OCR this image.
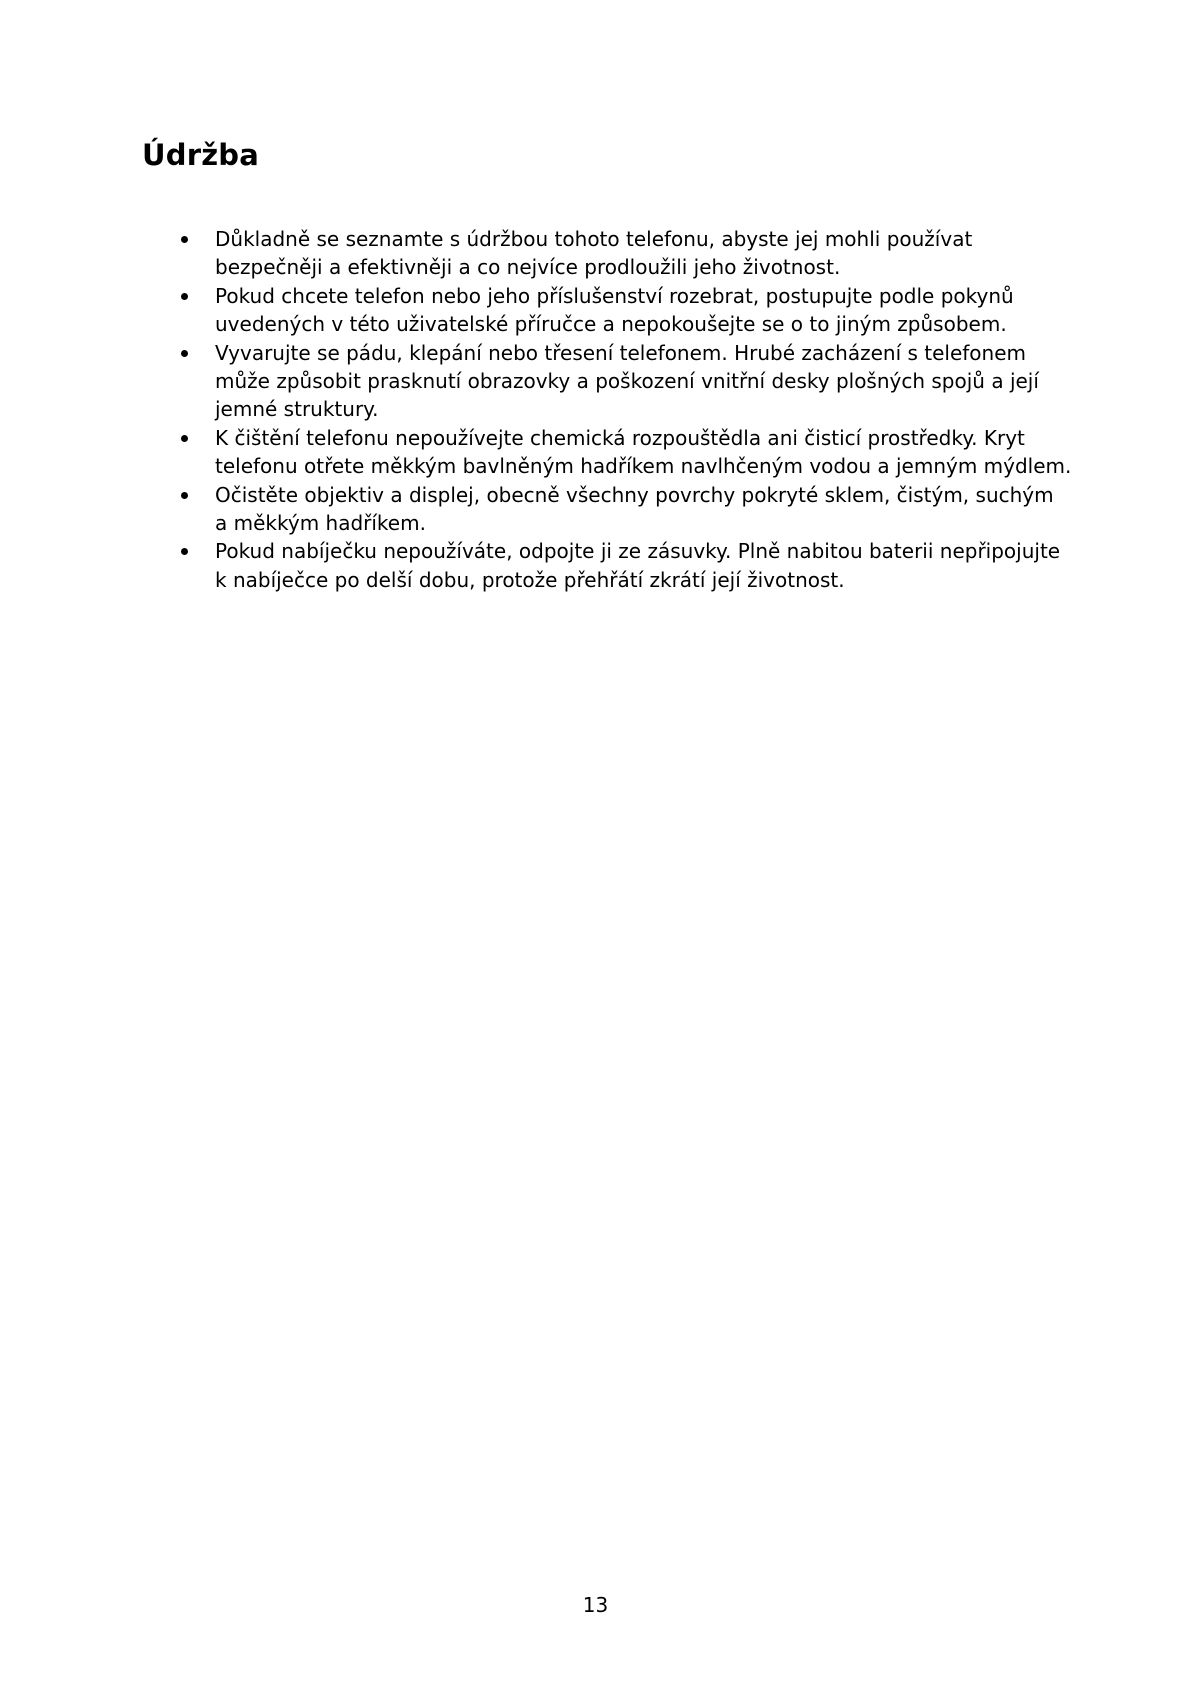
Údržba
Důkladně se seznamte s údržbou tohoto telefonu, abyste jej mohli používat bezpečněji a efektivněji a co nejvíce prodloužili jeho životnost.
Pokud chcete telefon nebo jeho příslušenství rozebrat, postupujte podle pokynů uvedených v této uživatelské příručce a nepokoušejte se o to jiným způsobem.
Vyvarujte se pádu, klepání nebo třesení telefonem. Hrubé zacházení s telefonem může způsobit prasknutí obrazovky a poškození vnitřní desky plošných spojů a její jemné struktury.
K čištění telefonu nepoužívejte chemická rozpouštědla ani čisticí prostředky. Kryt telefonu otřete měkkým bavlněným hadříkem navlhčeným vodou a jemným mýdlem.
Očistěte objektiv a displej, obecně všechny povrchy pokryté sklem, čistým, suchým a měkkým hadříkem.
Pokud nabíječku nepoužíváte, odpojte ji ze zásuvky. Plně nabitou baterii nepřipojujte k nabíječce po delší dobu, protože přehřátí zkrátí její životnost.
13
